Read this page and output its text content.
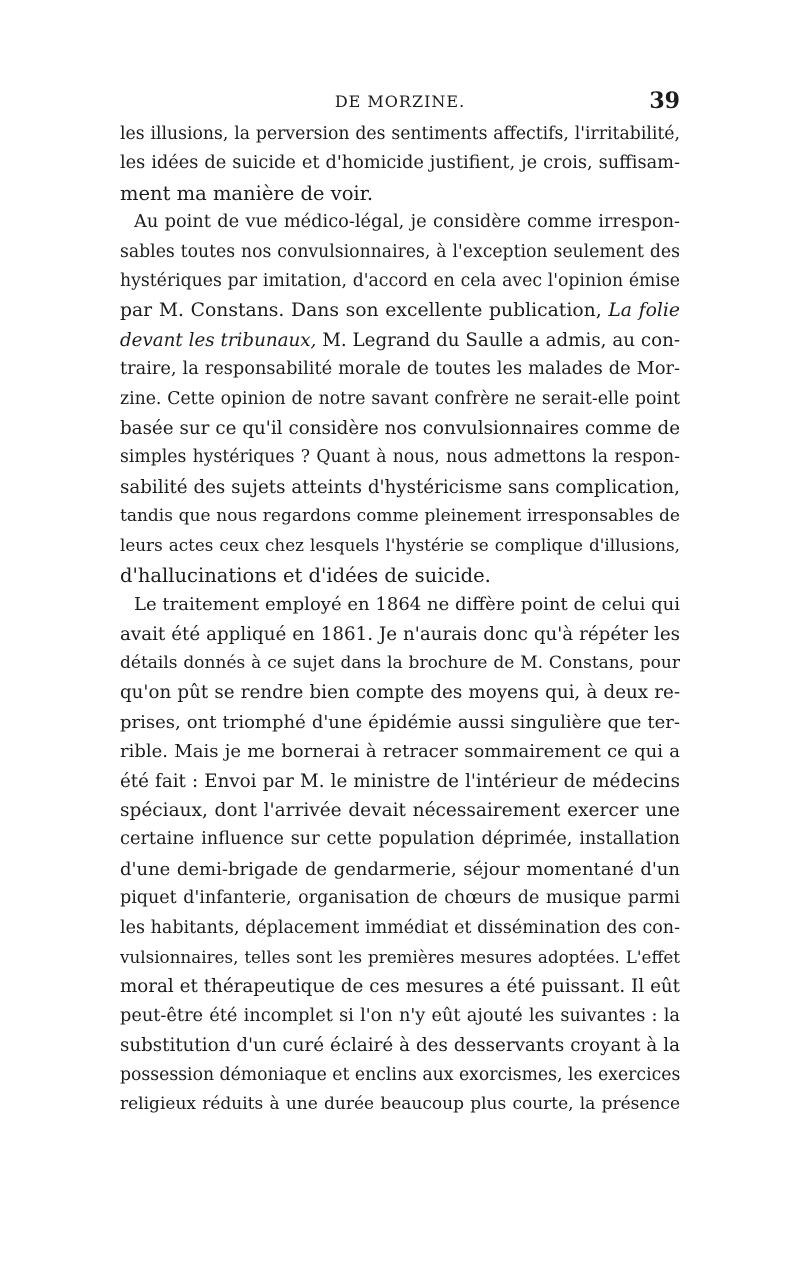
DE MORZINE.	39
les illusions, la perversion des sentiments affectifs, l'irritabilité,
les idées de suicide et d'homicide justifient, je crois, suffisam-
ment ma manière de voir.
Au point de vue médico-légal, je considère comme irrespon-
sables toutes nos convulsionnaires, à l'exception seulement des
hystériques par imitation, d'accord en cela avec l'opinion émise
par M. Constans. Dans son excellente publication, La folie
devant les tribunaux, M. Legrand du Saulle a admis, au con-
traire, la responsabilité morale de toutes les malades de Mor-
zine. Cette opinion de notre savant confrère ne serait-elle point
basée sur ce qu'il considère nos convulsionnaires comme de
simples hystériques ? Quant à nous, nous admettons la respon-
sabilité des sujets atteints d'hystéricisme sans complication,
tandis que nous regardons comme pleinement irresponsables de
leurs actes ceux chez lesquels l'hystérie se complique d'illusions,
d'hallucinations et d'idées de suicide.
Le traitement employé en 1864 ne diffère point de celui qui
avait été appliqué en 1861. Je n'aurais donc qu'à répéter les
détails donnés à ce sujet dans la brochure de M. Constans, pour
qu'on pût se rendre bien compte des moyens qui, à deux re-
prises, ont triomphé d'une épidémie aussi singulière que ter-
rible. Mais je me bornerai à retracer sommairement ce qui a
été fait : Envoi par M. le ministre de l'intérieur de médecins
spéciaux, dont l'arrivée devait nécessairement exercer une
certaine influence sur cette population déprimée, installation
d'une demi-brigade de gendarmerie, séjour momentané d'un
piquet d'infanterie, organisation de chœurs de musique parmi
les habitants, déplacement immédiat et dissémination des con-
vulsionnaires, telles sont les premières mesures adoptées. L'effet
moral et thérapeutique de ces mesures a été puissant. Il eût
peut-être été incomplet si l'on n'y eût ajouté les suivantes : la
substitution d'un curé éclairé à des desservants croyant à la
possession démoniaque et enclins aux exorcismes, les exercices
religieux réduits à une durée beaucoup plus courte, la présence
